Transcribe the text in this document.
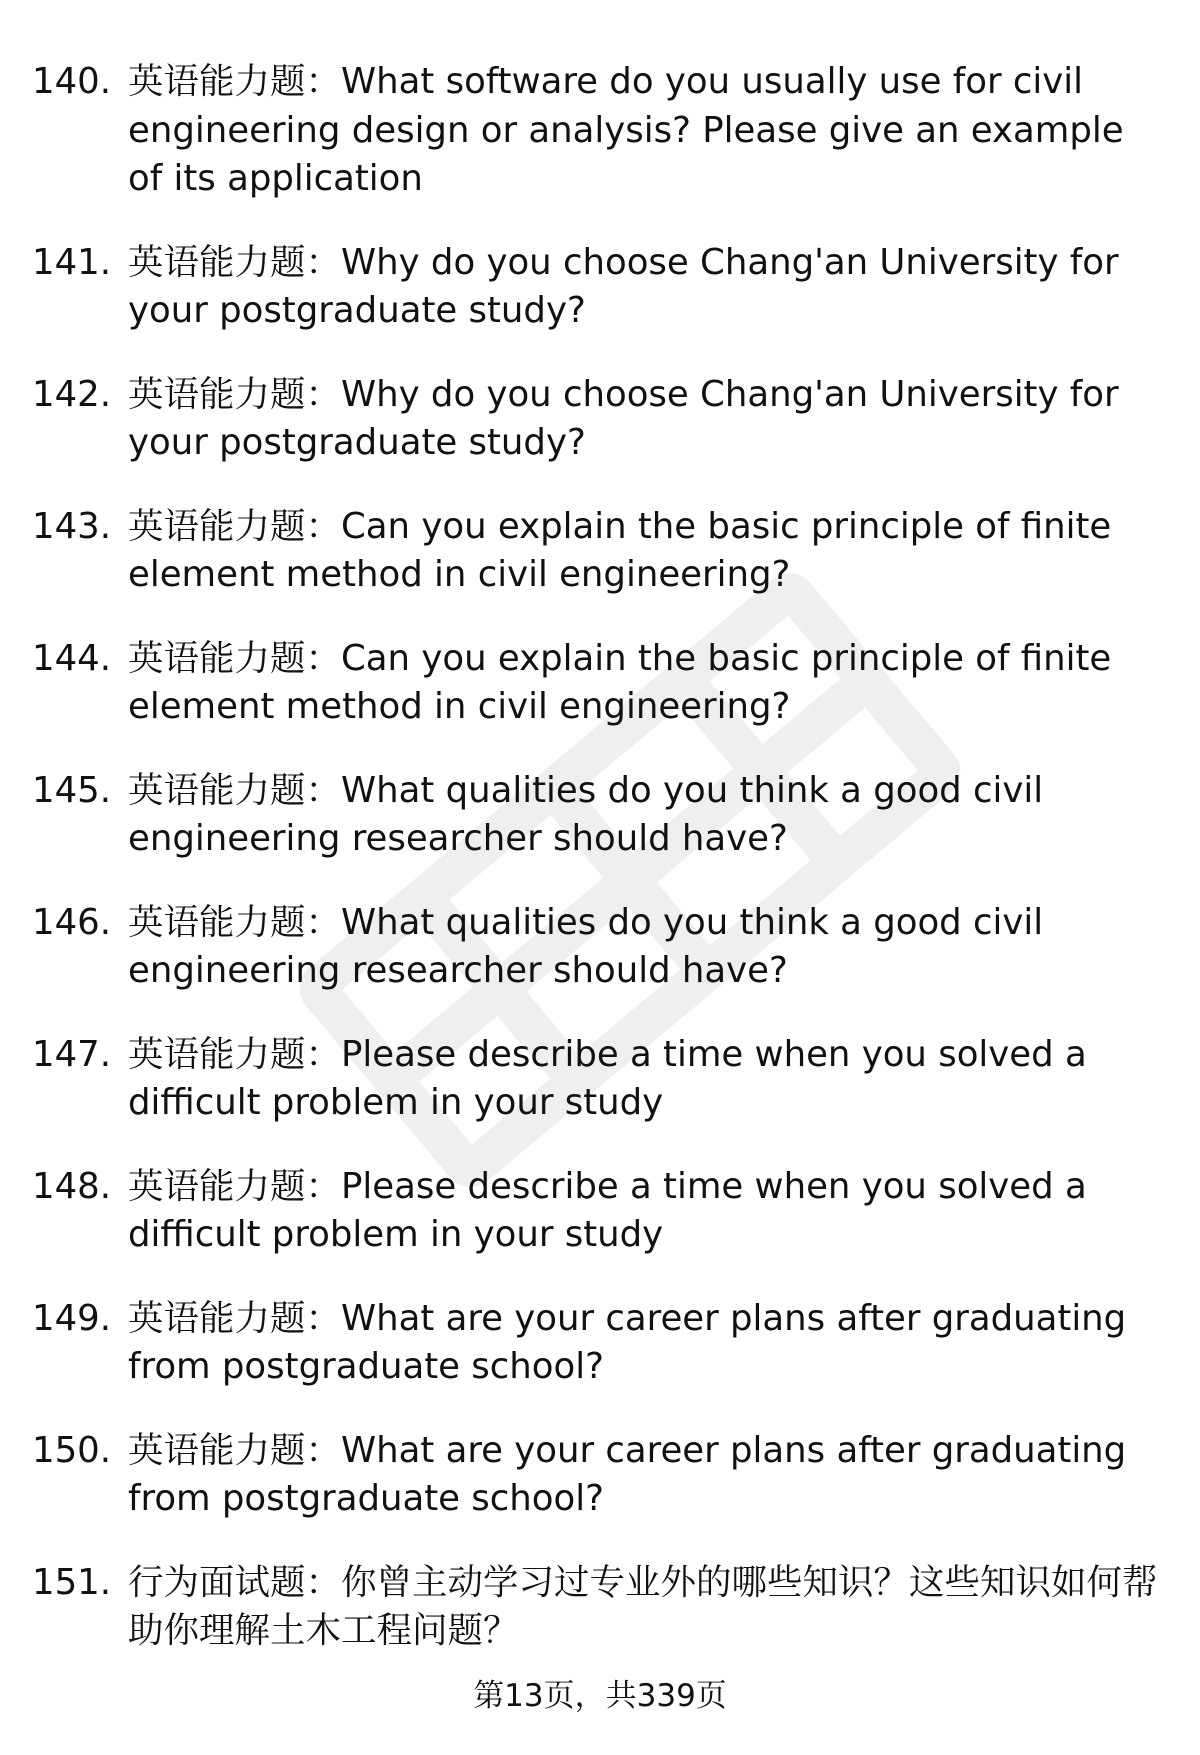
140. 英语能力题：What software do you usually use for civil engineering design or analysis? Please give an example of its application
141. 英语能力题：Why do you choose Chang'an University for your postgraduate study?
142. 英语能力题：Why do you choose Chang'an University for your postgraduate study?
143. 英语能力题：Can you explain the basic principle of finite element method in civil engineering?
144. 英语能力题：Can you explain the basic principle of finite element method in civil engineering?
145. 英语能力题：What qualities do you think a good civil engineering researcher should have?
146. 英语能力题：What qualities do you think a good civil engineering researcher should have?
147. 英语能力题：Please describe a time when you solved a difficult problem in your study
148. 英语能力题：Please describe a time when you solved a difficult problem in your study
149. 英语能力题：What are your career plans after graduating from postgraduate school?
150. 英语能力题：What are your career plans after graduating from postgraduate school?
151. 行为面试题：你曾主动学习过专业外的哪些知识？这些知识如何帮助你理解土木工程问题？
第13页，共339页
